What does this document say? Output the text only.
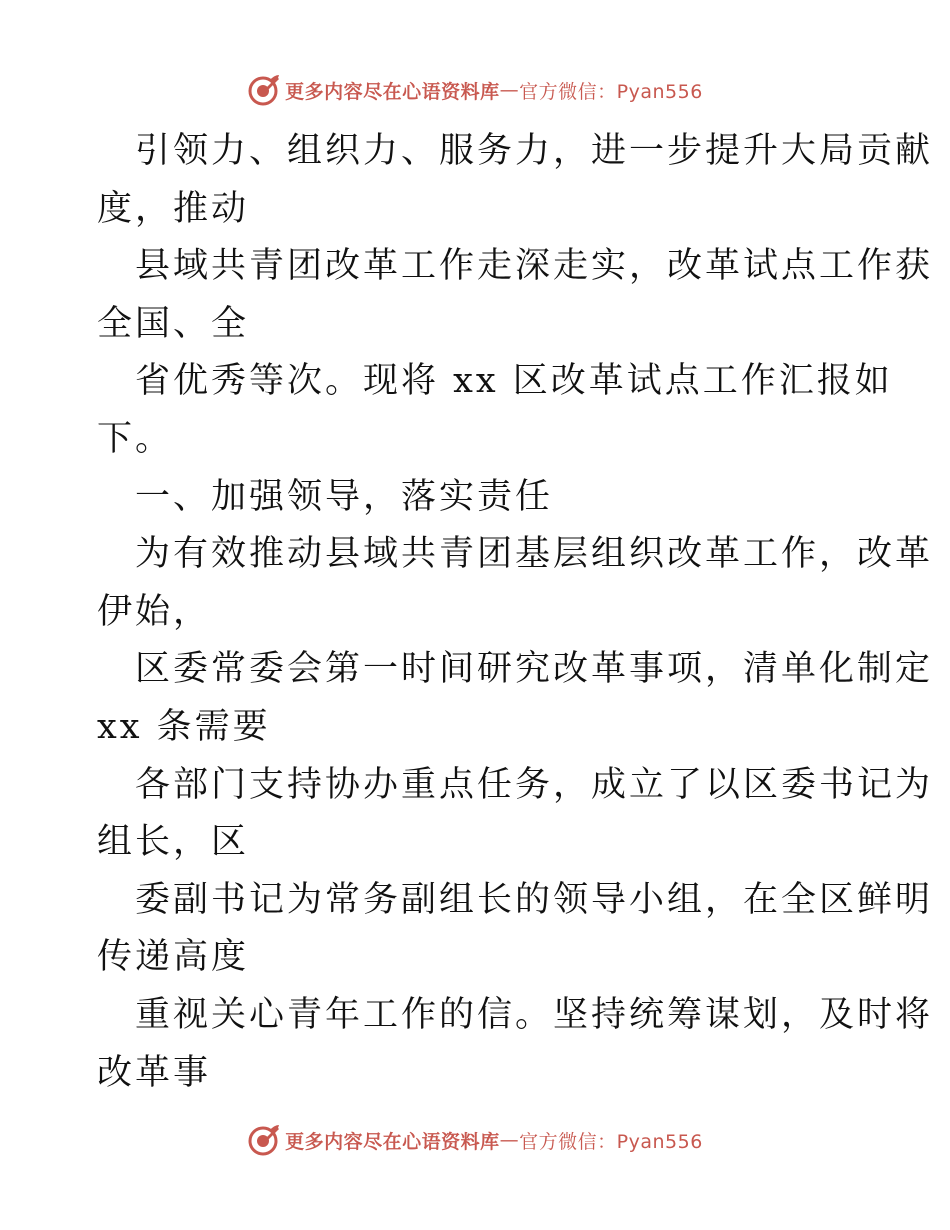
更多内容尽在心语资料库 — 官方微信：Pyan556
引领力、组织力、服务力，进一步提升大局贡献
度，推动
县域共青团改革工作走深走实，改革试点工作获
全国、全
省优秀等次。现将 xx 区改革试点工作汇报如
下。
一、加强领导，落实责任
为有效推动县域共青团基层组织改革工作，改革
伊始，
区委常委会第一时间研究改革事项，清单化制定
xx 条需要
各部门支持协办重点任务，成立了以区委书记为
组长，区
委副书记为常务副组长的领导小组，在全区鲜明
传递高度
重视关心青年工作的信。坚持统筹谋划，及时将
改革事
更多内容尽在心语资料库 — 官方微信：Pyan556
